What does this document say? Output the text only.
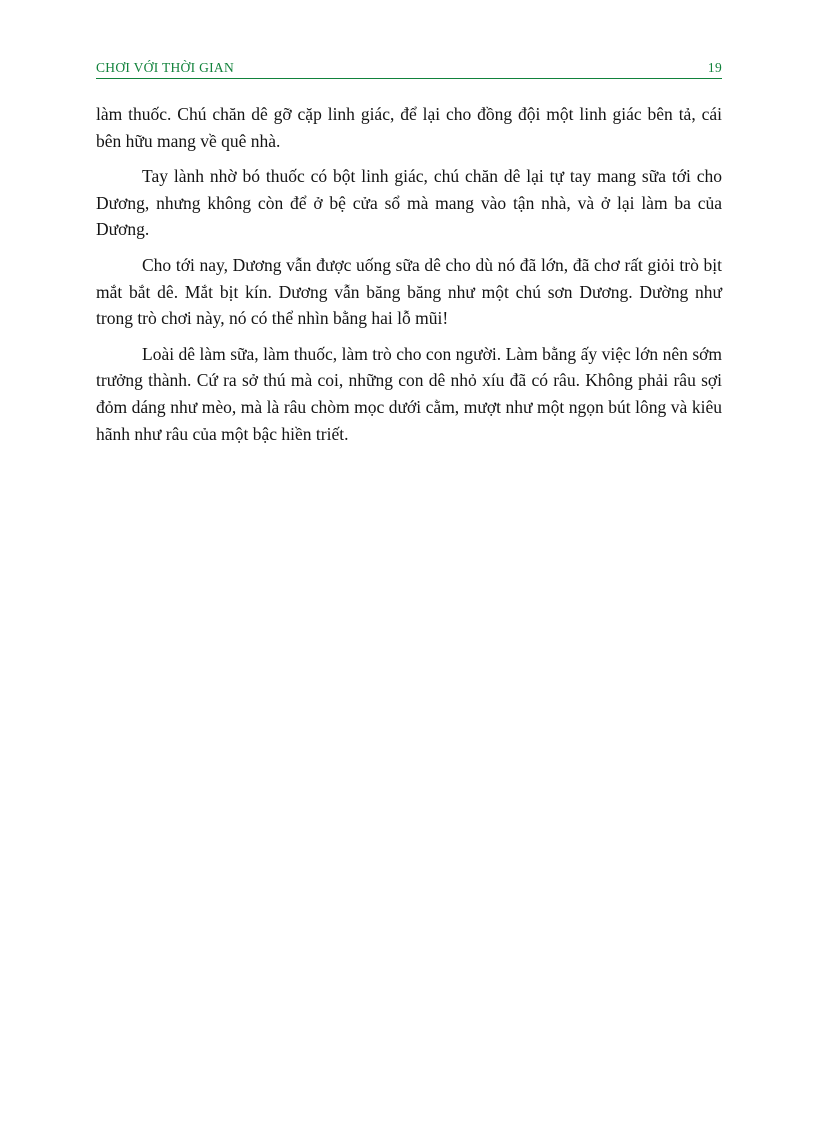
CHƠI VỚI THỜI GIAN	19

làm thuốc. Chú chăn dê gỡ cặp linh giác, để lại cho đồng đội một linh giác bên tả, cái bên hữu mang về quê nhà.

Tay lành nhờ bó thuốc có bột linh giác, chú chăn dê lại tự tay mang sữa tới cho Dương, nhưng không còn để ở bệ cửa sổ mà mang vào tận nhà, và ở lại làm ba của Dương.

Cho tới nay, Dương vẫn được uống sữa dê cho dù nó đã lớn, đã chơ rất giỏi trò bịt mắt bắt dê. Mắt bịt kín. Dương vẫn băng băng như một chú sơn Dương. Dường như trong trò chơi này, nó có thể nhìn bằng hai lỗ mũi!

Loài dê làm sữa, làm thuốc, làm trò cho con người. Làm bằng ấy việc lớn nên sớm trưởng thành. Cứ ra sở thú mà coi, những con dê nhỏ xíu đã có râu. Không phải râu sợi đỏm dáng như mèo, mà là râu chòm mọc dưới cằm, mượt như một ngọn bút lông và kiêu hãnh như râu của một bậc hiền triết.
